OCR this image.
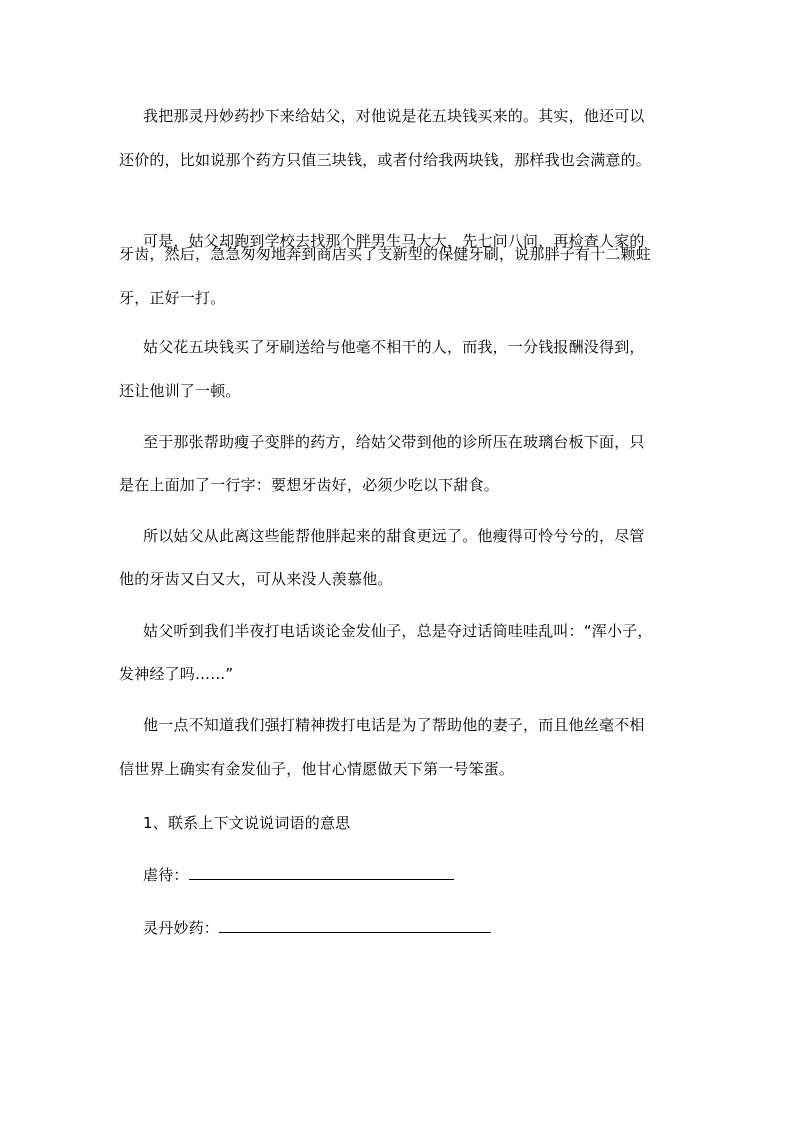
我把那灵丹妙药抄下来给姑父，对他说是花五块钱买来的。其实，他还可以
还价的，比如说那个药方只值三块钱，或者付给我两块钱，那样我也会满意的。
可是，姑父却跑到学校去找那个胖男生马大大，先七问八问，再检查人家的
牙齿，然后，急急匆匆地奔到商店买了支新型的保健牙刷，说那胖子有十二颗蛀
牙，正好一打。
姑父花五块钱买了牙刷送给与他毫不相干的人，而我，一分钱报酬没得到，
还让他训了一顿。
至于那张帮助瘦子变胖的药方，给姑父带到他的诊所压在玻璃台板下面，只
是在上面加了一行字：要想牙齿好，必须少吃以下甜食。
所以姑父从此离这些能帮他胖起来的甜食更远了。他瘦得可怜兮兮的，尽管
他的牙齿又白又大，可从来没人羡慕他。
姑父听到我们半夜打电话谈论金发仙子，总是夺过话筒哇哇乱叫：“浑小子，
发神经了吗……”
他一点不知道我们强打精神拨打电话是为了帮助他的妻子，而且他丝毫不相
信世界上确实有金发仙子，他甘心情愿做天下第一号笨蛋。
1、联系上下文说说词语的意思
虐待：
灵丹妙药：
